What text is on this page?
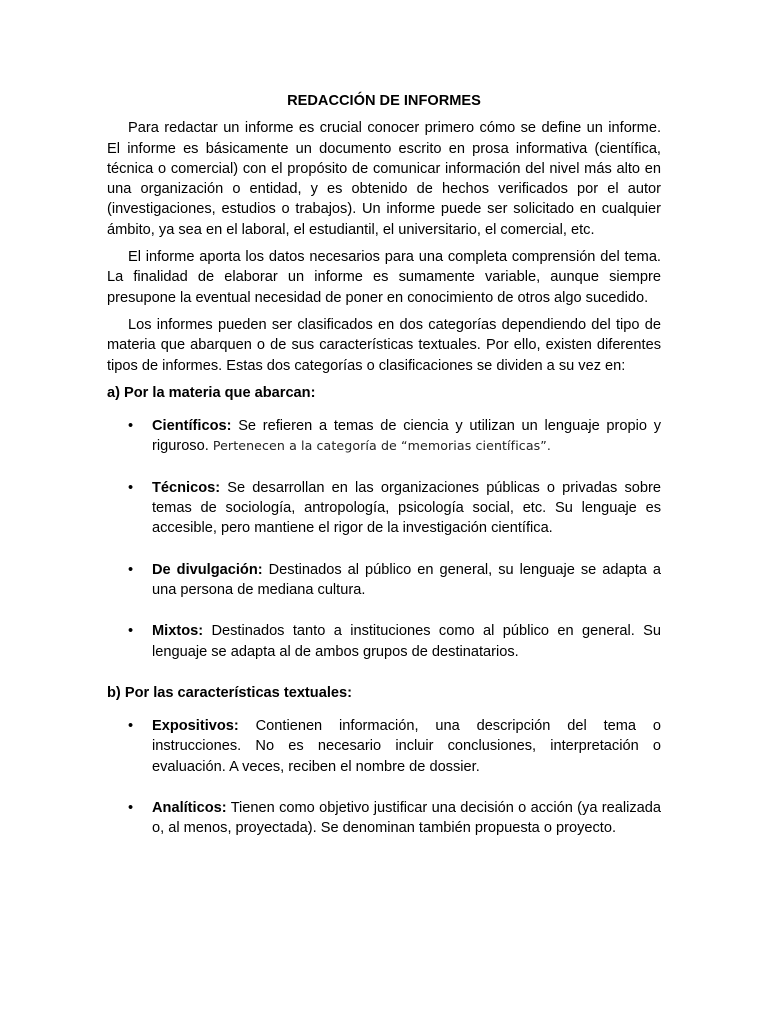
REDACCIÓN DE INFORMES

Para redactar un informe es crucial conocer primero cómo se define un informe. El informe es básicamente un documento escrito en prosa informativa (científica, técnica o comercial) con el propósito de comunicar información del nivel más alto en una organización o entidad, y es obtenido de hechos verificados por el autor (investigaciones, estudios o trabajos). Un informe puede ser solicitado en cualquier ámbito, ya sea en el laboral, el estudiantil, el universitario, el comercial, etc.

El informe aporta los datos necesarios para una completa comprensión del tema. La finalidad de elaborar un informe es sumamente variable, aunque siempre presupone la eventual necesidad de poner en conocimiento de otros algo sucedido.

Los informes pueden ser clasificados en dos categorías dependiendo del tipo de materia que abarquen o de sus características textuales. Por ello, existen diferentes tipos de informes. Estas dos categorías o clasificaciones se dividen a su vez en:

a) Por la materia que abarcan:
• Científicos: Se refieren a temas de ciencia y utilizan un lenguaje propio y riguroso. Pertenecen a la categoría de “memorias científicas”.
• Técnicos: Se desarrollan en las organizaciones públicas o privadas sobre temas de sociología, antropología, psicología social, etc. Su lenguaje es accesible, pero mantiene el rigor de la investigación científica.
• De divulgación: Destinados al público en general, su lenguaje se adapta a una persona de mediana cultura.
• Mixtos: Destinados tanto a instituciones como al público en general. Su lenguaje se adapta al de ambos grupos de destinatarios.
b) Por las características textuales:
• Expositivos: Contienen información, una descripción del tema o instrucciones. No es necesario incluir conclusiones, interpretación o evaluación. A veces, reciben el nombre de dossier.
• Analíticos: Tienen como objetivo justificar una decisión o acción (ya realizada o, al menos, proyectada). Se denominan también propuesta o proyecto.
